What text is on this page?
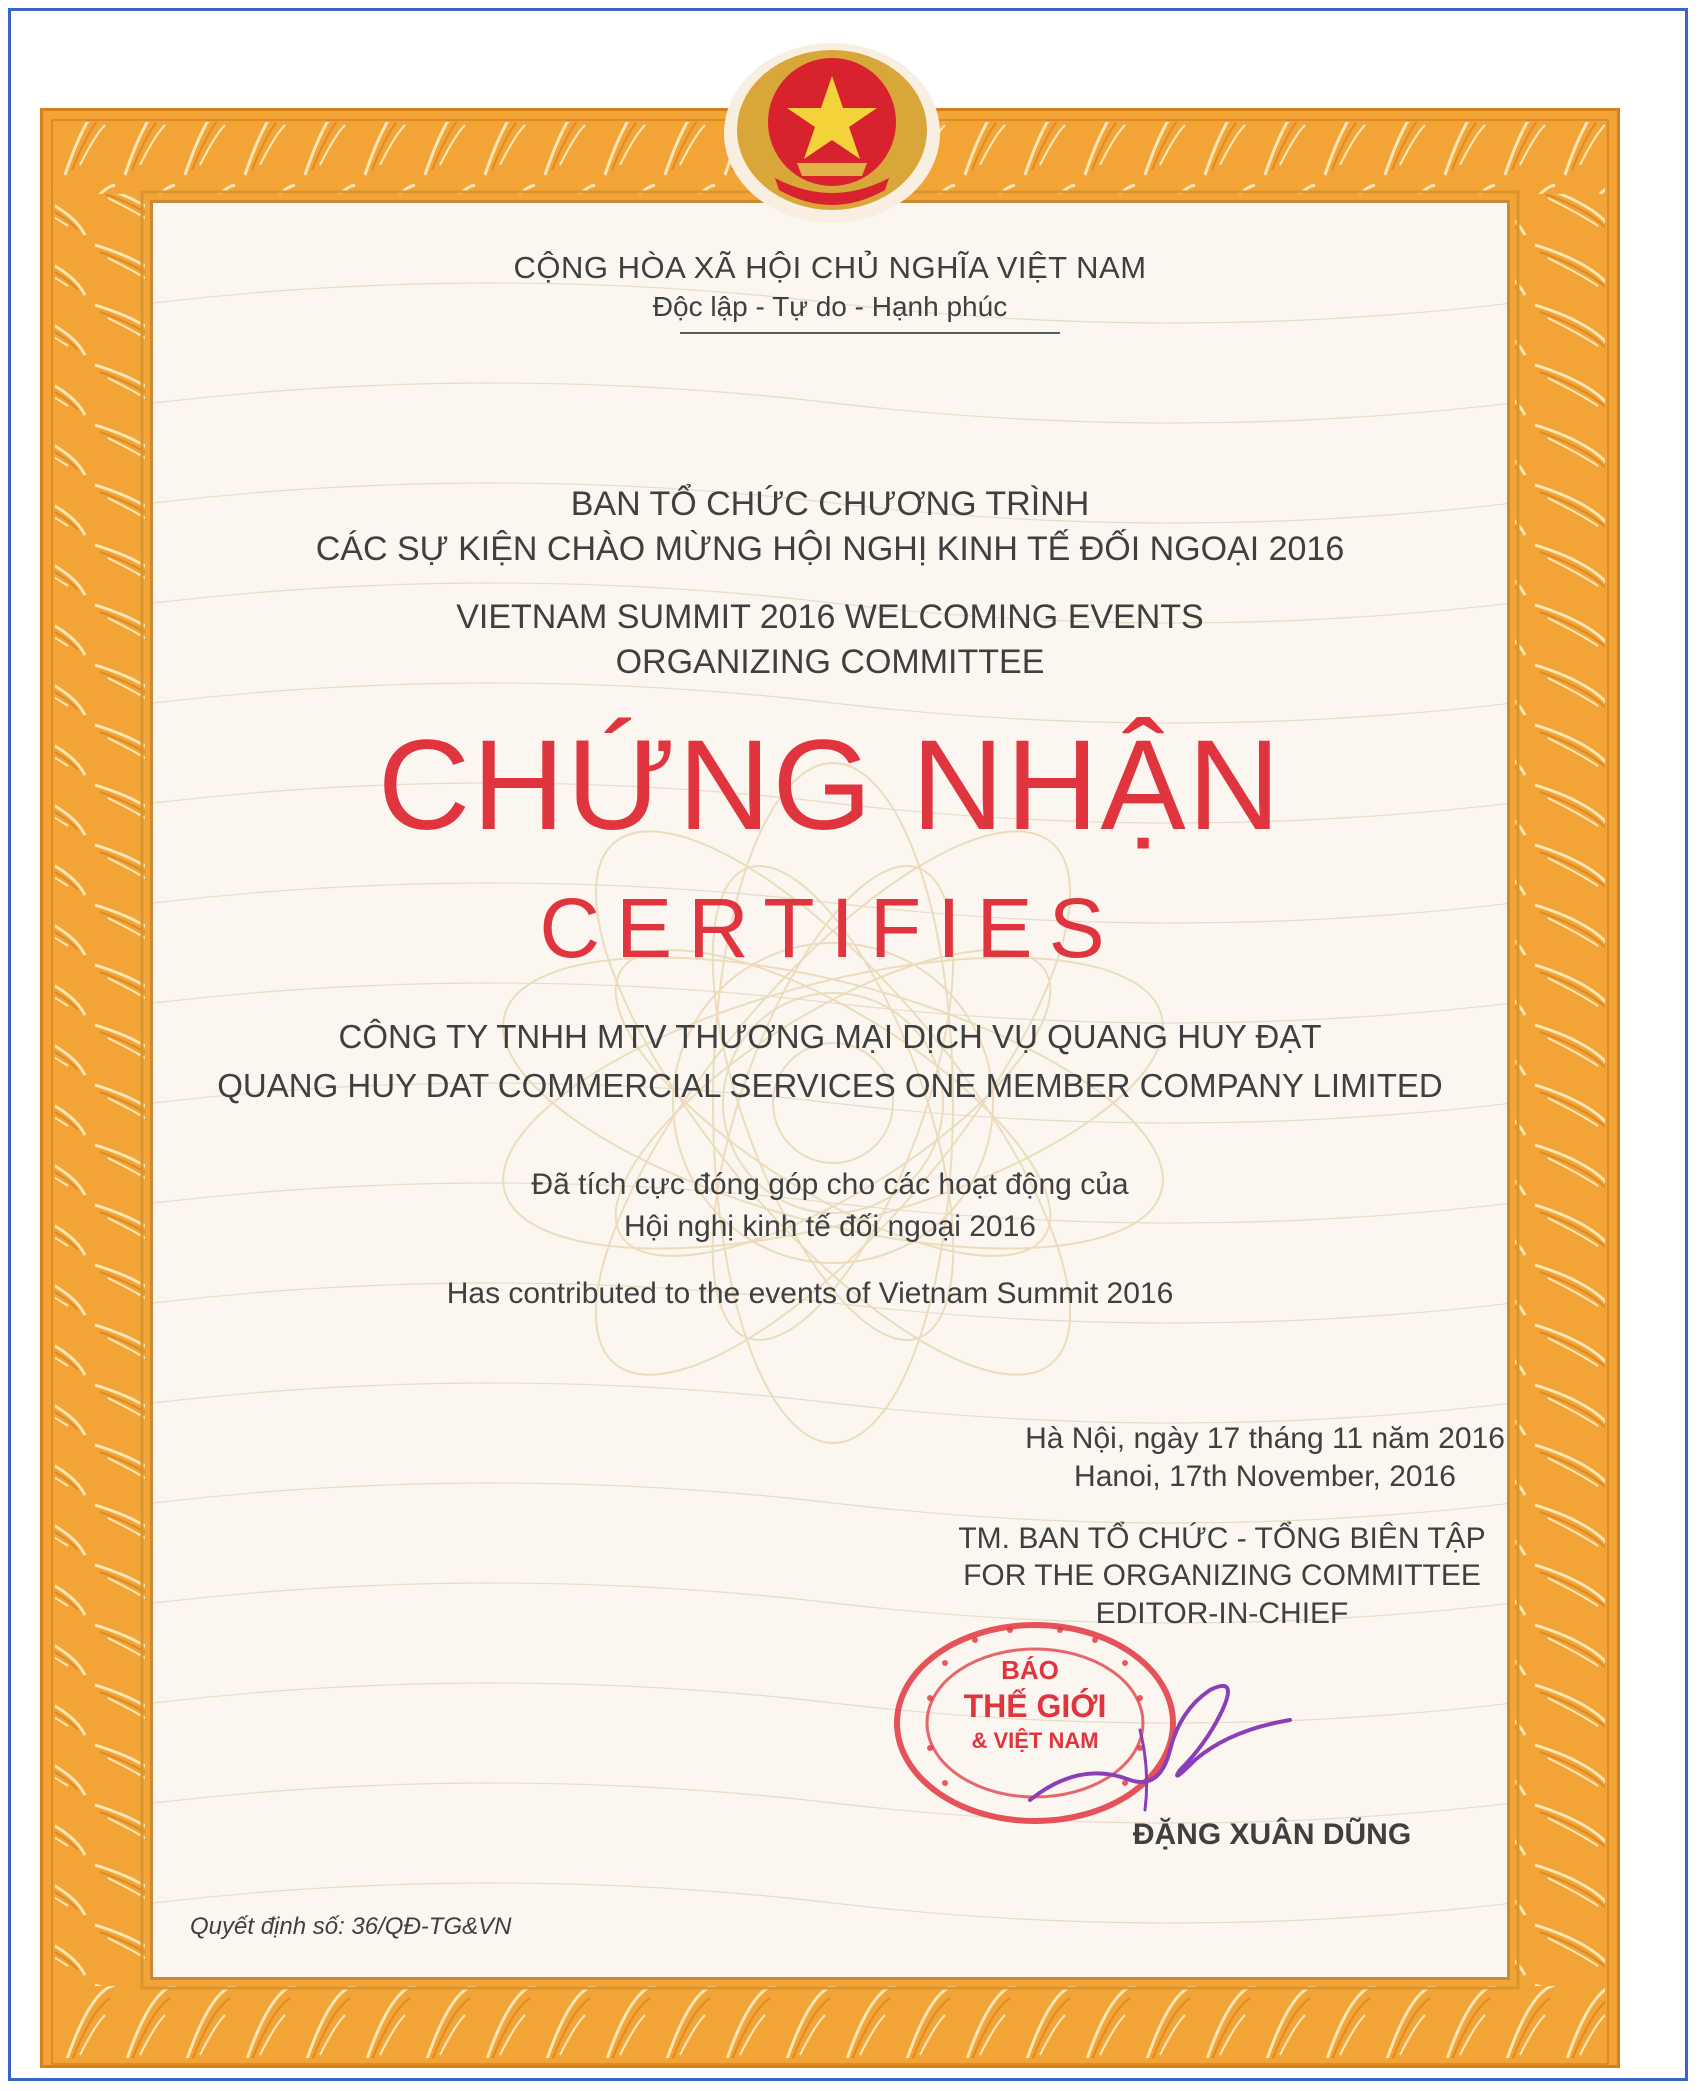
CỘNG HÒA XÃ HỘI CHỦ NGHĨA VIỆT NAM
Độc lập - Tự do - Hạnh phúc
BAN TỔ CHỨC CHƯƠNG TRÌNH
CÁC SỰ KIỆN CHÀO MỪNG HỘI NGHỊ KINH TẾ ĐỐI NGOẠI 2016
VIETNAM SUMMIT 2016 WELCOMING EVENTS
ORGANIZING COMMITTEE
CHỨNG NHẬN
CERTIFIES
CÔNG TY TNHH MTV THƯƠNG MẠI DỊCH VỤ QUANG HUY ĐẠT
QUANG HUY DAT COMMERCIAL SERVICES ONE MEMBER COMPANY LIMITED
Đã tích cực đóng góp cho các hoạt động của
Hội nghị kinh tế đối ngoại 2016
Has contributed to the events of Vietnam Summit 2016
Hà Nội, ngày 17 tháng 11 năm 2016
Hanoi, 17th November, 2016
TM. BAN TỔ CHỨC - TỔNG BIÊN TẬP
FOR THE ORGANIZING COMMITTEE
EDITOR-IN-CHIEF
BÁO
THẾ GIỚI
& VIỆT NAM
ĐẶNG XUÂN DŨNG
Quyết định số: 36/QĐ-TG&VN
